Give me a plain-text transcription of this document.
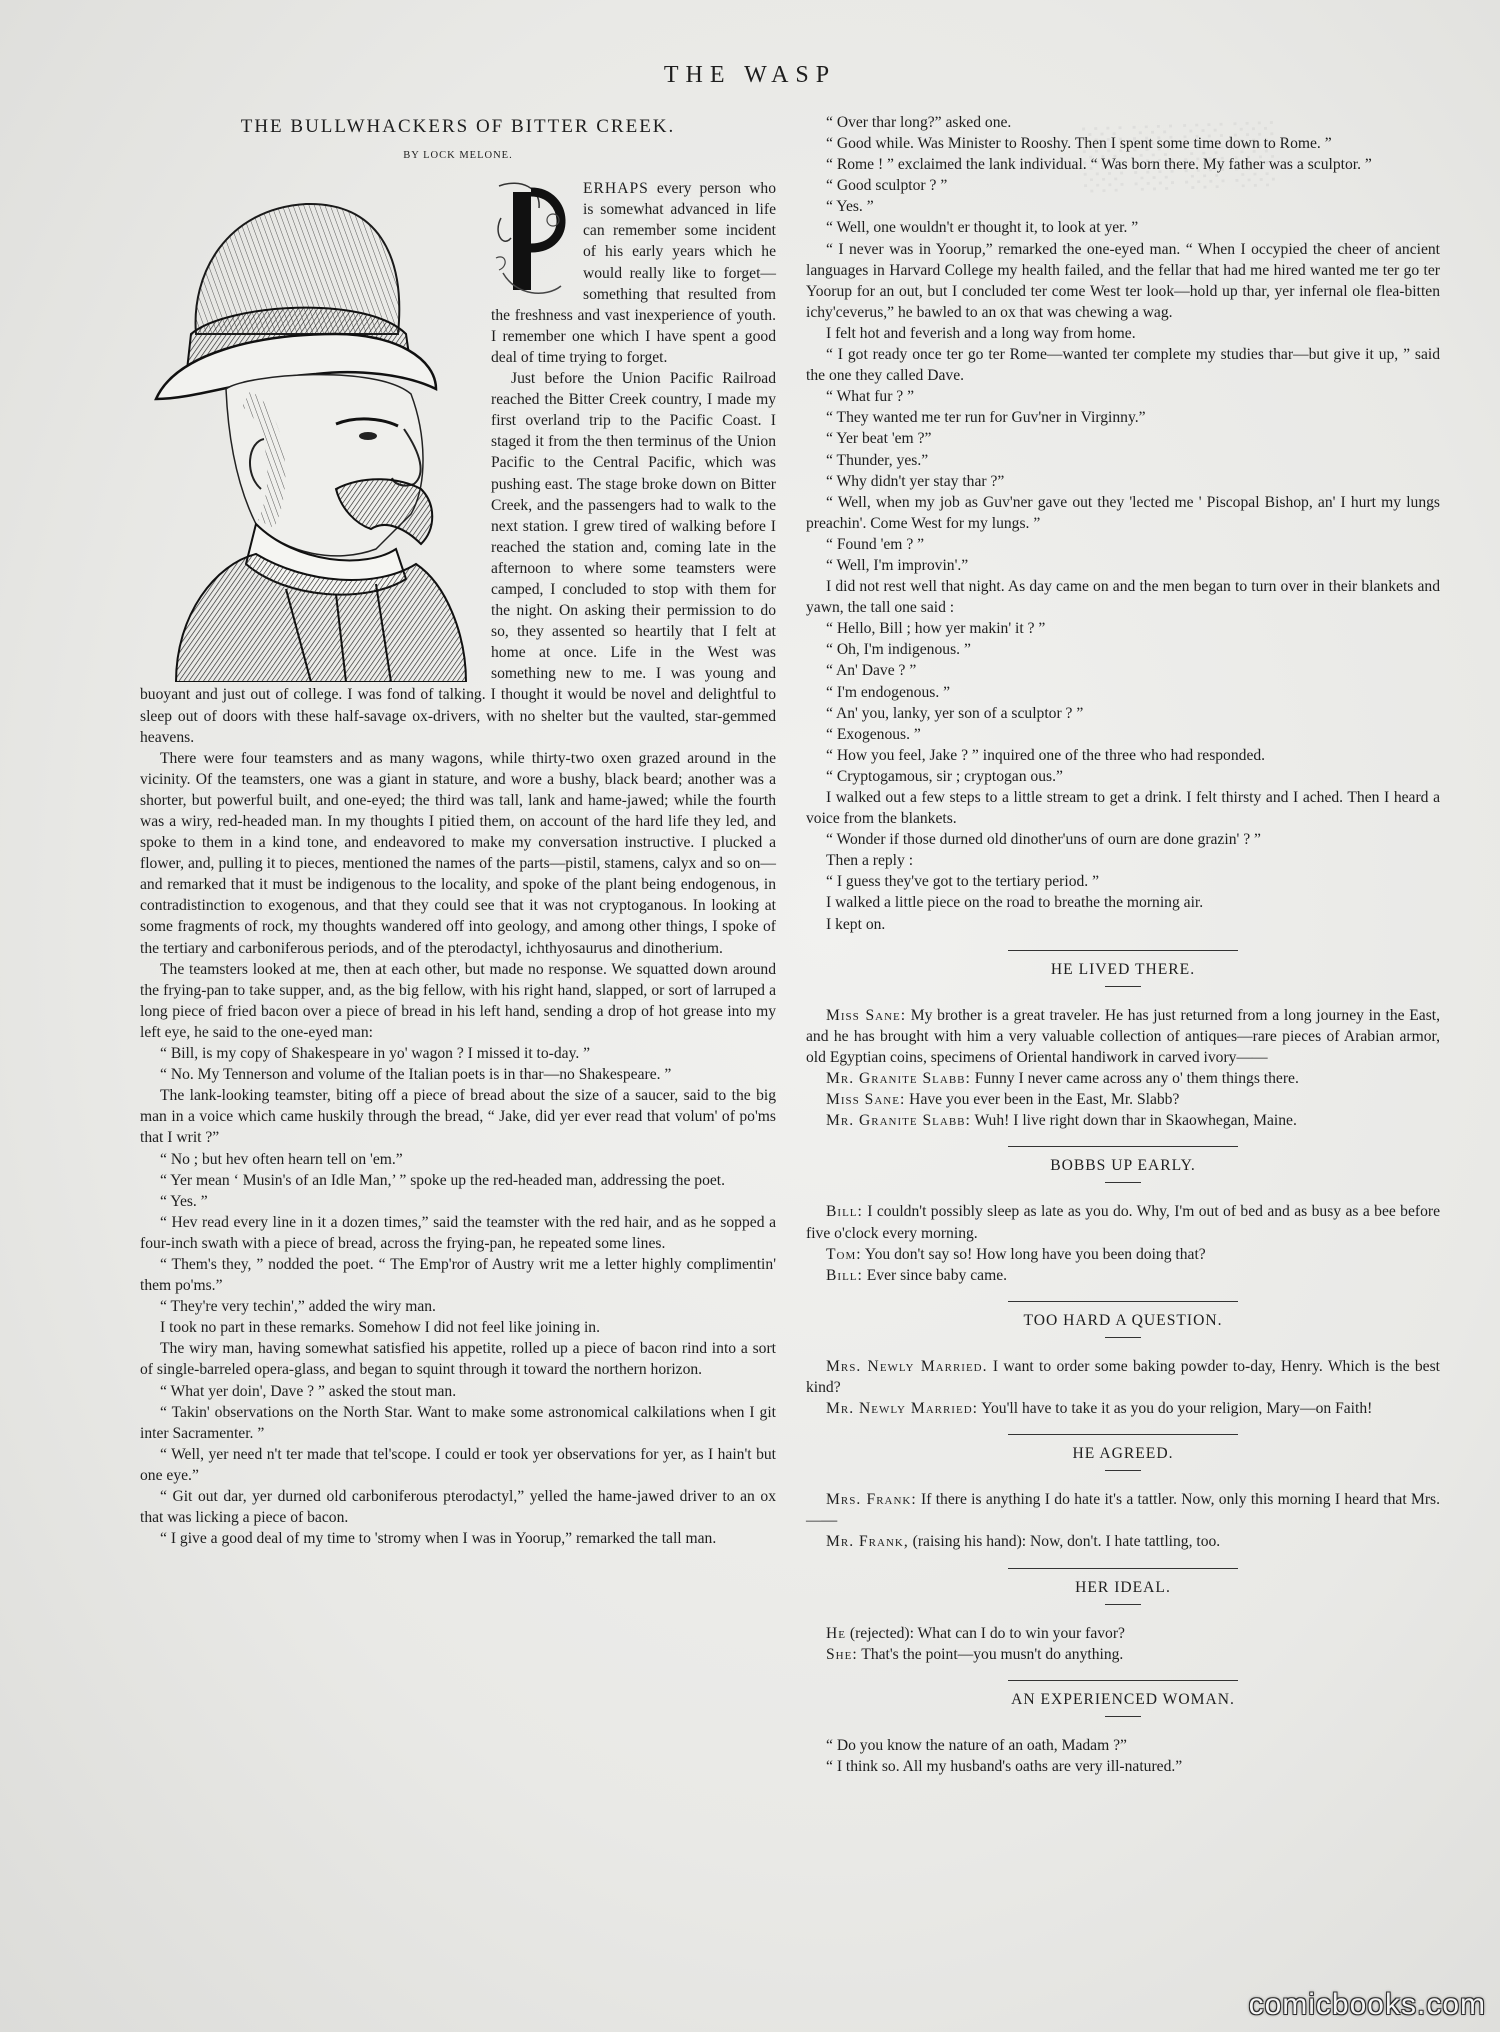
THE WASP
THE BULLWHACKERS OF BITTER CREEK.
BY LOCK MELONE.

ERHAPS every person who is somewhat advanced in life can remember some incident of his early years which he would really like to forget—something that resulted from the freshness and vast inexperience of youth. I remember one which I have spent a good deal of time trying to forget.

Just before the Union Pacific Railroad reached the Bitter Creek country, I made my first overland trip to the Pacific Coast. I staged it from the then terminus of the Union Pacific to the Central Pacific, which was pushing east. The stage broke down on Bitter Creek, and the passengers had to walk to the next station. I grew tired of walking before I reached the station and, coming late in the afternoon to where some teamsters were camped, I concluded to stop with them for the night. On asking their permission to do so, they assented so heartily that I felt at home at once. Life in the West was something new to me. I was young and buoyant and just out of college. I was fond of talking. I thought it would be novel and delightful to sleep out of doors with these half-savage ox-drivers, with no shelter but the vaulted, star-gemmed heavens.

There were four teamsters and as many wagons, while thirty-two oxen grazed around in the vicinity. Of the teamsters, one was a giant in stature, and wore a bushy, black beard; another was a shorter, but powerful built, and one-eyed; the third was tall, lank and hame-jawed; while the fourth was a wiry, red-headed man. In my thoughts I pitied them, on account of the hard life they led, and spoke to them in a kind tone, and endeavored to make my conversation instructive. I plucked a flower, and, pulling it to pieces, mentioned the names of the parts—pistil, stamens, calyx and so on—and remarked that it must be indigenous to the locality, and spoke of the plant being endogenous, in contradistinction to exogenous, and that they could see that it was not cryptoganous. In looking at some fragments of rock, my thoughts wandered off into geology, and among other things, I spoke of the tertiary and carboniferous periods, and of the pterodactyl, ichthyosaurus and dinotherium.

The teamsters looked at me, then at each other, but made no response. We squatted down around the frying-pan to take supper, and, as the big fellow, with his right hand, slapped, or sort of larruped a long piece of fried bacon over a piece of bread in his left hand, sending a drop of hot grease into my left eye, he said to the one-eyed man:

“ Bill, is my copy of Shakespeare in yo' wagon ? I missed it to-day. ”

“ No. My Tennerson and volume of the Italian poets is in thar—no Shakespeare. ”

The lank-looking teamster, biting off a piece of bread about the size of a saucer, said to the big man in a voice which came huskily through the bread, “ Jake, did yer ever read that volum' of po'ms that I writ ?”

“ No ; but hev often hearn tell on 'em.”

“ Yer mean ‘ Musin's of an Idle Man,’ ” spoke up the red-headed man, addressing the poet.

“ Yes. ”

“ Hev read every line in it a dozen times,” said the teamster with the red hair, and as he sopped a four-inch swath with a piece of bread, across the frying-pan, he repeated some lines.

“ Them's they, ” nodded the poet. “ The Emp'ror of Austry writ me a letter highly complimentin' them po'ms.”

“ They're very techin',” added the wiry man.

I took no part in these remarks. Somehow I did not feel like joining in.

The wiry man, having somewhat satisfied his appetite, rolled up a piece of bacon rind into a sort of single-barreled opera-glass, and began to squint through it toward the northern horizon.

“ What yer doin', Dave ? ” asked the stout man.

“ Takin' observations on the North Star. Want to make some astronomical calkilations when I git inter Sacramenter. ”

“ Well, yer need n't ter made that tel'scope. I could er took yer observations for yer, as I hain't but one eye.”

“ Git out dar, yer durned old carboniferous pterodactyl,” yelled the hame-jawed driver to an ox that was licking a piece of bacon.

“ I give a good deal of my time to 'stromy when I was in Yoorup,” remarked the tall man.

“ Over thar long?” asked one.

“ Good while. Was Minister to Rooshy. Then I spent some time down to Rome. ”

“ Rome ! ” exclaimed the lank individual. “ Was born there. My father was a sculptor. ”

“ Good sculptor ? ”

“ Yes. ”

“ Well, one wouldn't er thought it, to look at yer. ”

“ I never was in Yoorup,” remarked the one-eyed man. “ When I occypied the cheer of ancient languages in Harvard College my health failed, and the fellar that had me hired wanted me ter go ter Yoorup for an out, but I concluded ter come West ter look—hold up thar, yer infernal ole flea-bitten ichy'ceverus,” he bawled to an ox that was chewing a wag.

I felt hot and feverish and a long way from home.

“ I got ready once ter go ter Rome—wanted ter complete my studies thar—but give it up, ” said the one they called Dave.

“ What fur ? ”

“ They wanted me ter run for Guv'ner in Virginny.”

“ Yer beat 'em ?”

“ Thunder, yes.”

“ Why didn't yer stay thar ?”

“ Well, when my job as Guv'ner gave out they 'lected me ' Piscopal Bishop, an' I hurt my lungs preachin'. Come West for my lungs. ”

“ Found 'em ? ”

“ Well, I'm improvin'.”

I did not rest well that night. As day came on and the men began to turn over in their blankets and yawn, the tall one said :

“ Hello, Bill ; how yer makin' it ? ”

“ Oh, I'm indigenous. ”

“ An' Dave ? ”

“ I'm endogenous. ”

“ An' you, lanky, yer son of a sculptor ? ”

“ Exogenous. ”

“ How you feel, Jake ? ” inquired one of the three who had responded.

“ Cryptogamous, sir ; cryptogan ous.”

I walked out a few steps to a little stream to get a drink. I felt thirsty and I ached. Then I heard a voice from the blankets.

“ Wonder if those durned old dinother'uns of ourn are done grazin' ? ”

Then a reply :

“ I guess they've got to the tertiary period. ”

I walked a little piece on the road to breathe the morning air.

I kept on.

HE LIVED THERE.

Miss Sane: My brother is a great traveler. He has just returned from a long journey in the East, and he has brought with him a very valuable collection of antiques—rare pieces of Arabian armor, old Egyptian coins, specimens of Oriental handiwork in carved ivory——

Mr. Granite Slabb: Funny I never came across any o' them things there.

Miss Sane: Have you ever been in the East, Mr. Slabb?

Mr. Granite Slabb: Wuh! I live right down thar in Skaowhegan, Maine.

BOBBS UP EARLY.

Bill: I couldn't possibly sleep as late as you do. Why, I'm out of bed and as busy as a bee before five o'clock every morning.

Tom: You don't say so! How long have you been doing that?

Bill: Ever since baby came.

TOO HARD A QUESTION.

Mrs. Newly Married. I want to order some baking powder to-day, Henry. Which is the best kind?

Mr. Newly Married: You'll have to take it as you do your religion, Mary—on Faith!

HE AGREED.

Mrs. Frank: If there is anything I do hate it's a tattler. Now, only this morning I heard that Mrs.——

Mr. Frank, (raising his hand): Now, don't. I hate tattling, too.

HER IDEAL.

He (rejected): What can I do to win your favor?

She: That's the point—you musn't do anything.

AN EXPERIENCED WOMAN.

“ Do you know the nature of an oath, Madam ?”

“ I think so. All my husband's oaths are very ill-natured.”

comicbooks.com
